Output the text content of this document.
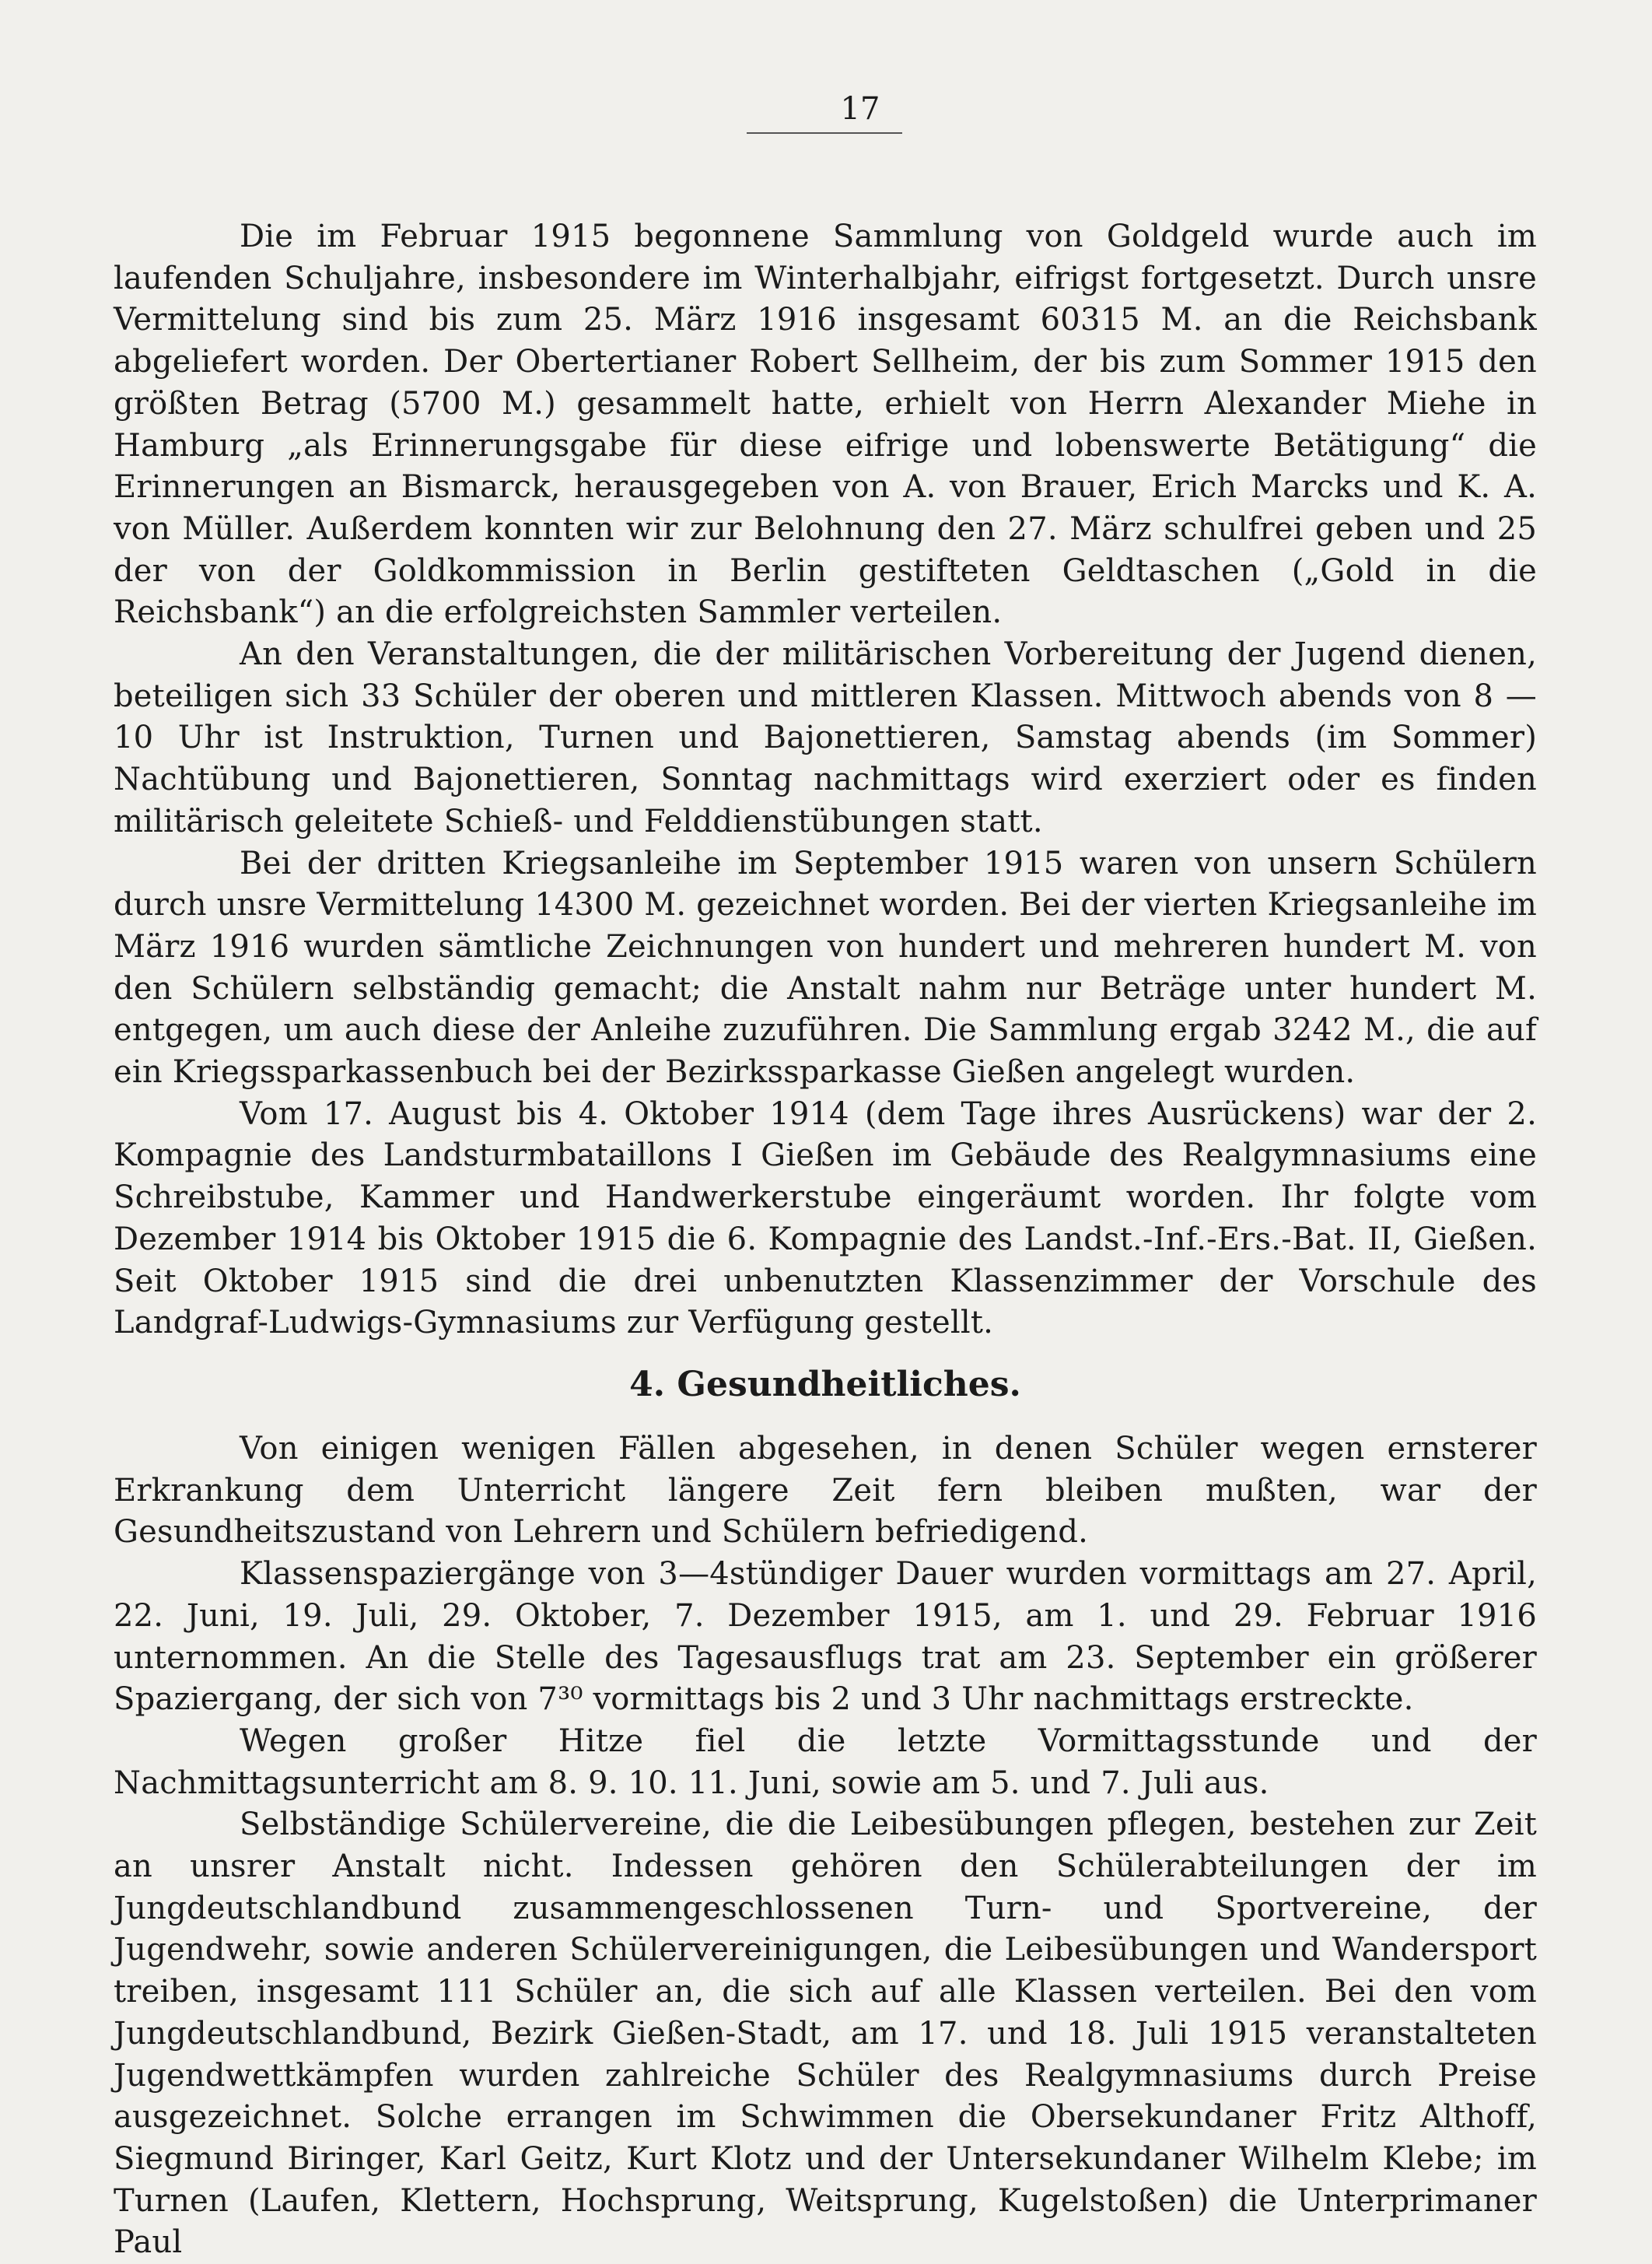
17

Die im Februar 1915 begonnene Sammlung von Goldgeld wurde auch im laufenden Schuljahre, insbesondere im Winterhalbjahr, eifrigst fortgesetzt. Durch unsre Vermittelung sind bis zum 25. März 1916 insgesamt 60315 M. an die Reichsbank abgeliefert worden. Der Obertertianer Robert Sellheim, der bis zum Sommer 1915 den größten Betrag (5700 M.) gesammelt hatte, erhielt von Herrn Alexander Miehe in Hamburg „als Erinnerungsgabe für diese eifrige und lobenswerte Betätigung“ die Erinnerungen an Bismarck, herausgegeben von A. von Brauer, Erich Marcks und K. A. von Müller. Außerdem konnten wir zur Belohnung den 27. März schulfrei geben und 25 der von der Goldkommission in Berlin gestifteten Geldtaschen („Gold in die Reichsbank“) an die erfolgreichsten Sammler verteilen.

An den Veranstaltungen, die der militärischen Vorbereitung der Jugend dienen, beteiligen sich 33 Schüler der oberen und mittleren Klassen. Mittwoch abends von 8 — 10 Uhr ist Instruktion, Turnen und Bajonettieren, Samstag abends (im Sommer) Nachtübung und Bajonettieren, Sonntag nachmittags wird exerziert oder es finden militärisch geleitete Schieß- und Felddienstübungen statt.

Bei der dritten Kriegsanleihe im September 1915 waren von unsern Schülern durch unsre Vermittelung 14300 M. gezeichnet worden. Bei der vierten Kriegsanleihe im März 1916 wurden sämtliche Zeichnungen von hundert und mehreren hundert M. von den Schülern selbständig gemacht; die Anstalt nahm nur Beträge unter hundert M. entgegen, um auch diese der Anleihe zuzuführen. Die Sammlung ergab 3242 M., die auf ein Kriegssparkassenbuch bei der Bezirkssparkasse Gießen angelegt wurden.

Vom 17. August bis 4. Oktober 1914 (dem Tage ihres Ausrückens) war der 2. Kompagnie des Landsturmbataillons I Gießen im Gebäude des Realgymnasiums eine Schreibstube, Kammer und Handwerkerstube eingeräumt worden. Ihr folgte vom Dezember 1914 bis Oktober 1915 die 6. Kompagnie des Landst.-Inf.-Ers.-Bat. II, Gießen. Seit Oktober 1915 sind die drei unbenutzten Klassenzimmer der Vorschule des Landgraf-Ludwigs-Gymnasiums zur Verfügung gestellt.

4. Gesundheitliches.

Von einigen wenigen Fällen abgesehen, in denen Schüler wegen ernsterer Erkrankung dem Unterricht längere Zeit fern bleiben mußten, war der Gesundheitszustand von Lehrern und Schülern befriedigend.

Klassenspaziergänge von 3—4stündiger Dauer wurden vormittags am 27. April, 22. Juni, 19. Juli, 29. Oktober, 7. Dezember 1915, am 1. und 29. Februar 1916 unternommen. An die Stelle des Tagesausflugs trat am 23. September ein größerer Spaziergang, der sich von 7³⁰ vormittags bis 2 und 3 Uhr nachmittags erstreckte.

Wegen großer Hitze fiel die letzte Vormittagsstunde und der Nachmittagsunterricht am 8. 9. 10. 11. Juni, sowie am 5. und 7. Juli aus.

Selbständige Schülervereine, die die Leibesübungen pflegen, bestehen zur Zeit an unsrer Anstalt nicht. Indessen gehören den Schülerabteilungen der im Jungdeutschlandbund zusammengeschlossenen Turn- und Sportvereine, der Jugendwehr, sowie anderen Schülervereinigungen, die Leibesübungen und Wandersport treiben, insgesamt 111 Schüler an, die sich auf alle Klassen verteilen. Bei den vom Jungdeutschlandbund, Bezirk Gießen-Stadt, am 17. und 18. Juli 1915 veranstalteten Jugendwettkämpfen wurden zahlreiche Schüler des Realgymnasiums durch Preise ausgezeichnet. Solche errangen im Schwimmen die Obersekundaner Fritz Althoff, Siegmund Biringer, Karl Geitz, Kurt Klotz und der Untersekundaner Wilhelm Klebe; im Turnen (Laufen, Klettern, Hochsprung, Weitsprung, Kugelstoßen) die Unterprimaner Paul
